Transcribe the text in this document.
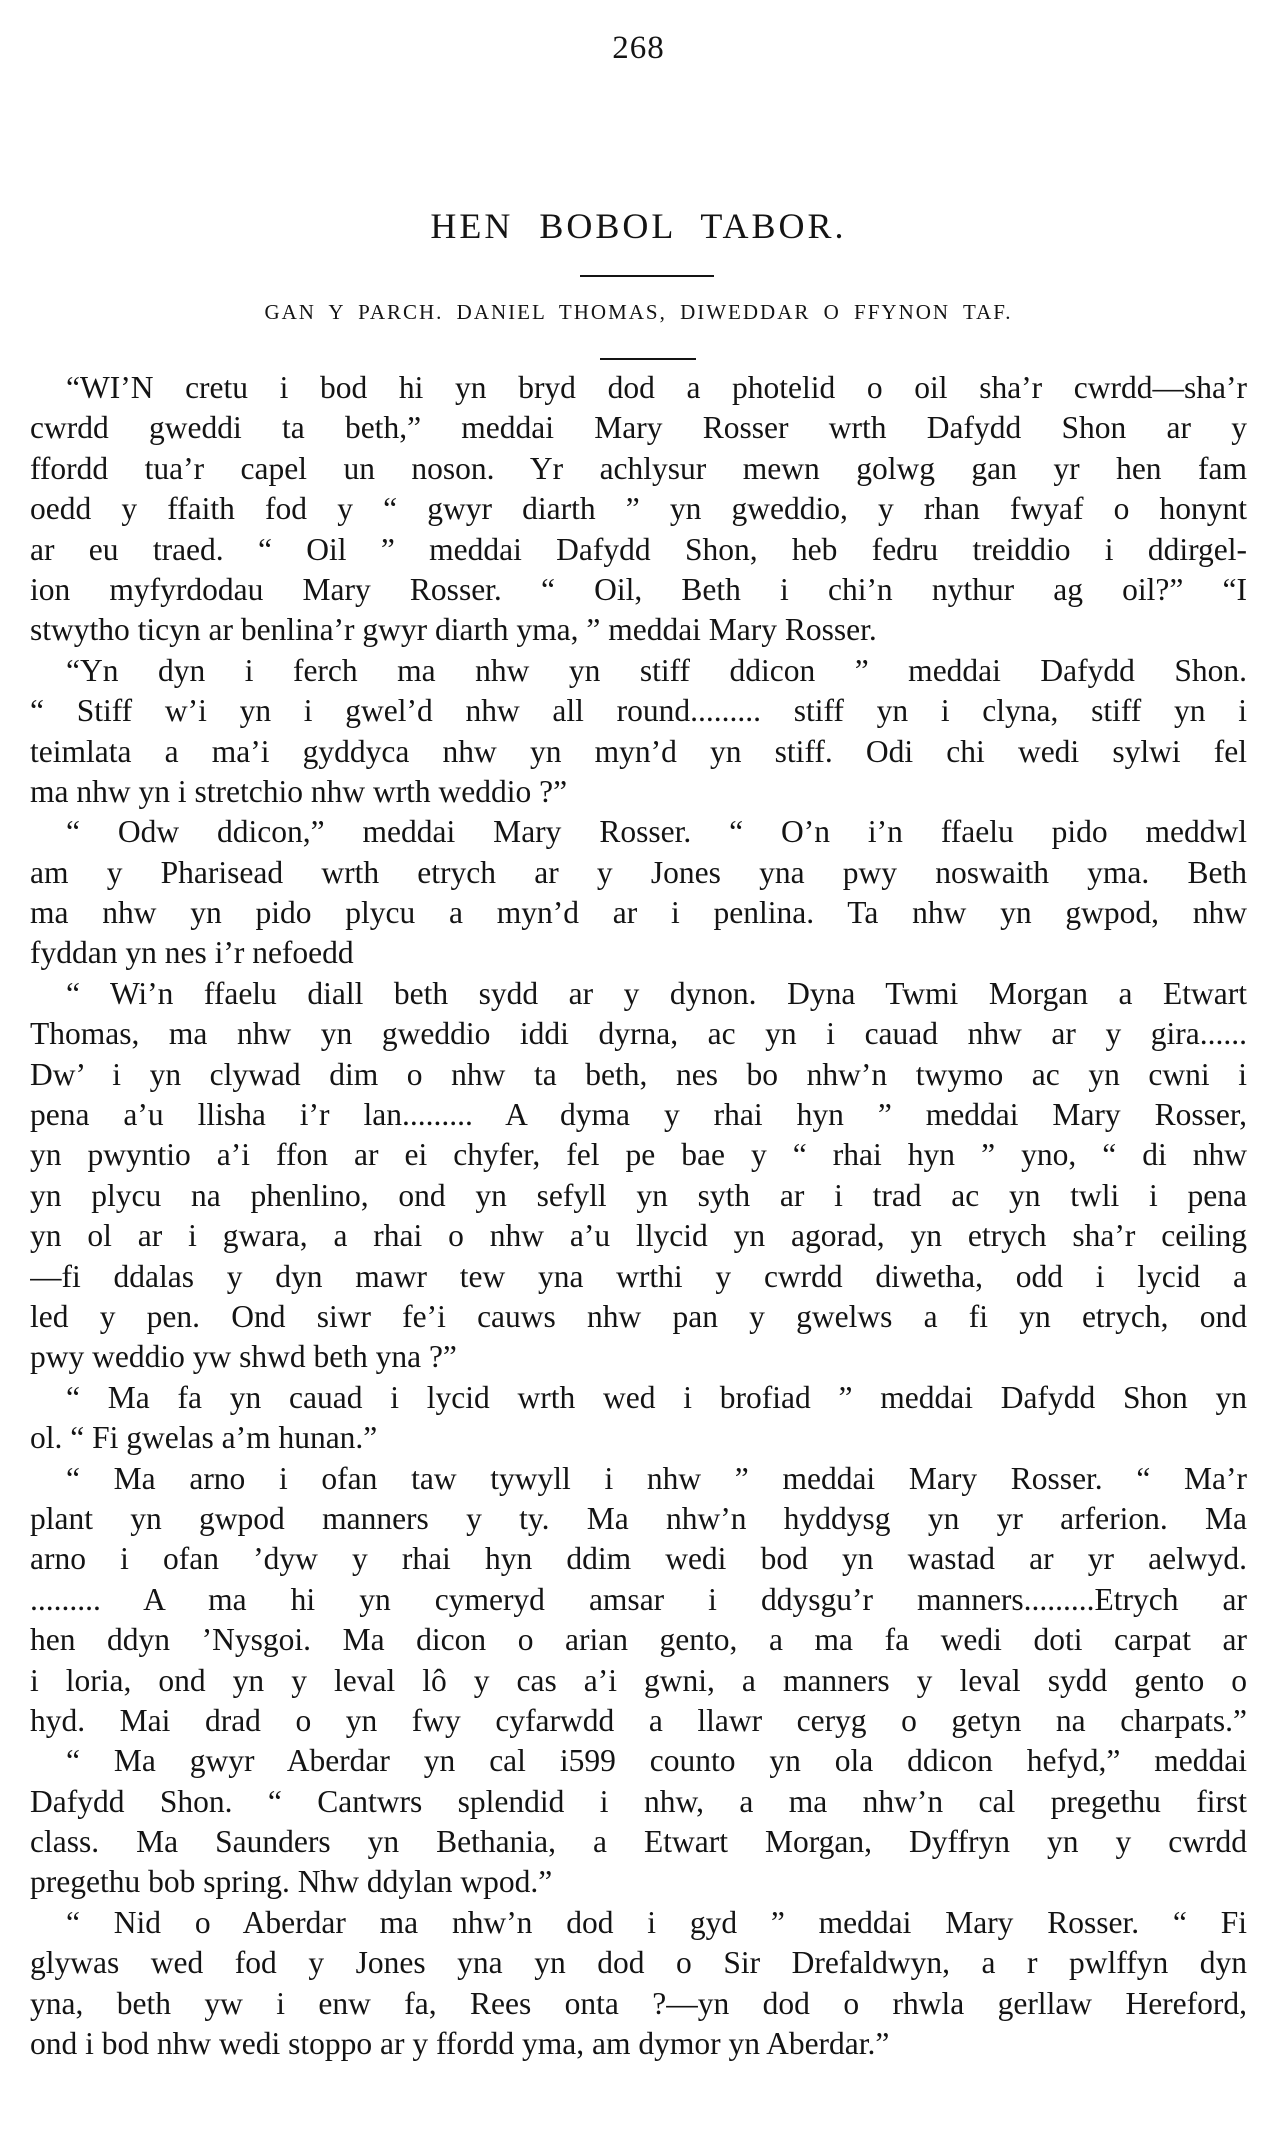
268
HEN BOBOL TABOR.
GAN Y PARCH. DANIEL THOMAS, DIWEDDAR O FFYNON TAF.
“WI’N cretu i bod hi yn bryd dod a photelid o oil sha’r cwrdd—sha’r
cwrdd gweddi ta beth,” meddai Mary Rosser wrth Dafydd Shon ar y
ffordd tua’r capel un noson. Yr achlysur mewn golwg gan yr hen fam
oedd y ffaith fod y “ gwyr diarth ” yn gweddio, y rhan fwyaf o honynt
ar eu traed. “ Oil ” meddai Dafydd Shon, heb fedru treiddio i ddirgel-
ion myfyrdodau Mary Rosser. “ Oil, Beth i chi’n nythur ag oil?” “I
stwytho ticyn ar benlina’r gwyr diarth yma, ” meddai Mary Rosser.
“Yn dyn i ferch ma nhw yn stiff ddicon ” meddai Dafydd Shon.
“ Stiff w’i yn i gwel’d nhw all round......... stiff yn i clyna, stiff yn i
teimlata a ma’i gyddyca nhw yn myn’d yn stiff. Odi chi wedi sylwi fel
ma nhw yn i stretchio nhw wrth weddio ?”
“ Odw ddicon,” meddai Mary Rosser. “ O’n i’n ffaelu pido meddwl
am y Pharisead wrth etrych ar y Jones yna pwy noswaith yma. Beth
ma nhw yn pido plycu a myn’d ar i penlina. Ta nhw yn gwpod, nhw
fyddan yn nes i’r nefoedd
“ Wi’n ffaelu diall beth sydd ar y dynon. Dyna Twmi Morgan a Etwart
Thomas, ma nhw yn gweddio iddi dyrna, ac yn i cauad nhw ar y gira......
Dw’ i yn clywad dim o nhw ta beth, nes bo nhw’n twymo ac yn cwni i
pena a’u llisha i’r lan......... A dyma y rhai hyn ” meddai Mary Rosser,
yn pwyntio a’i ffon ar ei chyfer, fel pe bae y “ rhai hyn ” yno, “ di nhw
yn plycu na phenlino, ond yn sefyll yn syth ar i trad ac yn twli i pena
yn ol ar i gwara, a rhai o nhw a’u llycid yn agorad, yn etrych sha’r ceiling
—fi ddalas y dyn mawr tew yna wrthi y cwrdd diwetha, odd i lycid a
led y pen. Ond siwr fe’i cauws nhw pan y gwelws a fi yn etrych, ond
pwy weddio yw shwd beth yna ?”
“ Ma fa yn cauad i lycid wrth wed i brofiad ” meddai Dafydd Shon yn
ol. “ Fi gwelas a’m hunan.”
“ Ma arno i ofan taw tywyll i nhw ” meddai Mary Rosser. “ Ma’r
plant yn gwpod manners y ty. Ma nhw’n hyddysg yn yr arferion. Ma
arno i ofan ’dyw y rhai hyn ddim wedi bod yn wastad ar yr aelwyd.
......... A ma hi yn cymeryd amsar i ddysgu’r manners.........Etrych ar
hen ddyn ’Nysgoi. Ma dicon o arian gento, a ma fa wedi doti carpat ar
i loria, ond yn y leval lô y cas a’i gwni, a manners y leval sydd gento o
hyd. Mai drad o yn fwy cyfarwdd a llawr ceryg o getyn na charpats.”
“ Ma gwyr Aberdar yn cal i599 counto yn ola ddicon hefyd,” meddai
Dafydd Shon. “ Cantwrs splendid i nhw, a ma nhw’n cal pregethu first
class. Ma Saunders yn Bethania, a Etwart Morgan, Dyffryn yn y cwrdd
pregethu bob spring. Nhw ddylan wpod.”
“ Nid o Aberdar ma nhw’n dod i gyd ” meddai Mary Rosser. “ Fi
glywas wed fod y Jones yna yn dod o Sir Drefaldwyn, a r pwlffyn dyn
yna, beth yw i enw fa, Rees onta ?—yn dod o rhwla gerllaw Hereford,
ond i bod nhw wedi stoppo ar y ffordd yma, am dymor yn Aberdar.”
